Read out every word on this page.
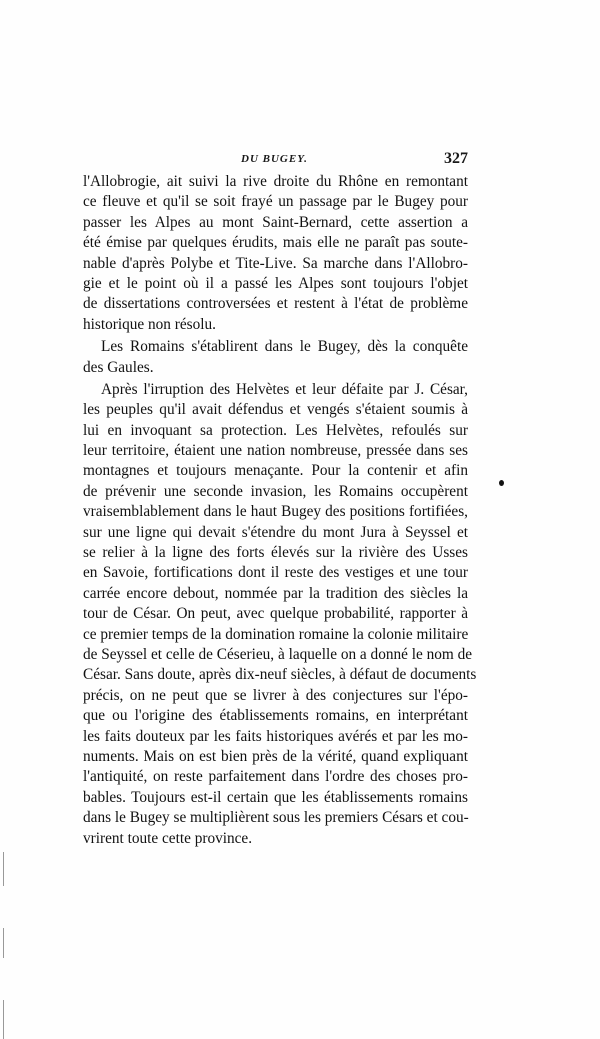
DU BUGEY.	327
l'Allobrogie, ait suivi la rive droite du Rhône en remontant
ce fleuve et qu'il se soit frayé un passage par le Bugey pour
passer les Alpes au mont Saint-Bernard, cette assertion a
été émise par quelques érudits, mais elle ne paraît pas soute-
nable d'après Polybe et Tite-Live. Sa marche dans l'Allobro-
gie et le point où il a passé les Alpes sont toujours l'objet
de dissertations controversées et restent à l'état de problème
historique non résolu.
Les Romains s'établirent dans le Bugey, dès la conquête
des Gaules.
Après l'irruption des Helvètes et leur défaite par J. César,
les peuples qu'il avait défendus et vengés s'étaient soumis à
lui en invoquant sa protection. Les Helvètes, refoulés sur
leur territoire, étaient une nation nombreuse, pressée dans ses
montagnes et toujours menaçante. Pour la contenir et afin
de prévenir une seconde invasion, les Romains occupèrent
vraisemblablement dans le haut Bugey des positions fortifiées,
sur une ligne qui devait s'étendre du mont Jura à Seyssel et
se relier à la ligne des forts élevés sur la rivière des Usses
en Savoie, fortifications dont il reste des vestiges et une tour
carrée encore debout, nommée par la tradition des siècles la
tour de César. On peut, avec quelque probabilité, rapporter à
ce premier temps de la domination romaine la colonie militaire
de Seyssel et celle de Céserieu, à laquelle on a donné le nom de
César. Sans doute, après dix-neuf siècles, à défaut de documents
précis, on ne peut que se livrer à des conjectures sur l'épo-
que ou l'origine des établissements romains, en interprétant
les faits douteux par les faits historiques avérés et par les mo-
numents. Mais on est bien près de la vérité, quand expliquant
l'antiquité, on reste parfaitement dans l'ordre des choses pro-
bables. Toujours est-il certain que les établissements romains
dans le Bugey se multiplièrent sous les premiers Césars et cou-
vrirent toute cette province.
